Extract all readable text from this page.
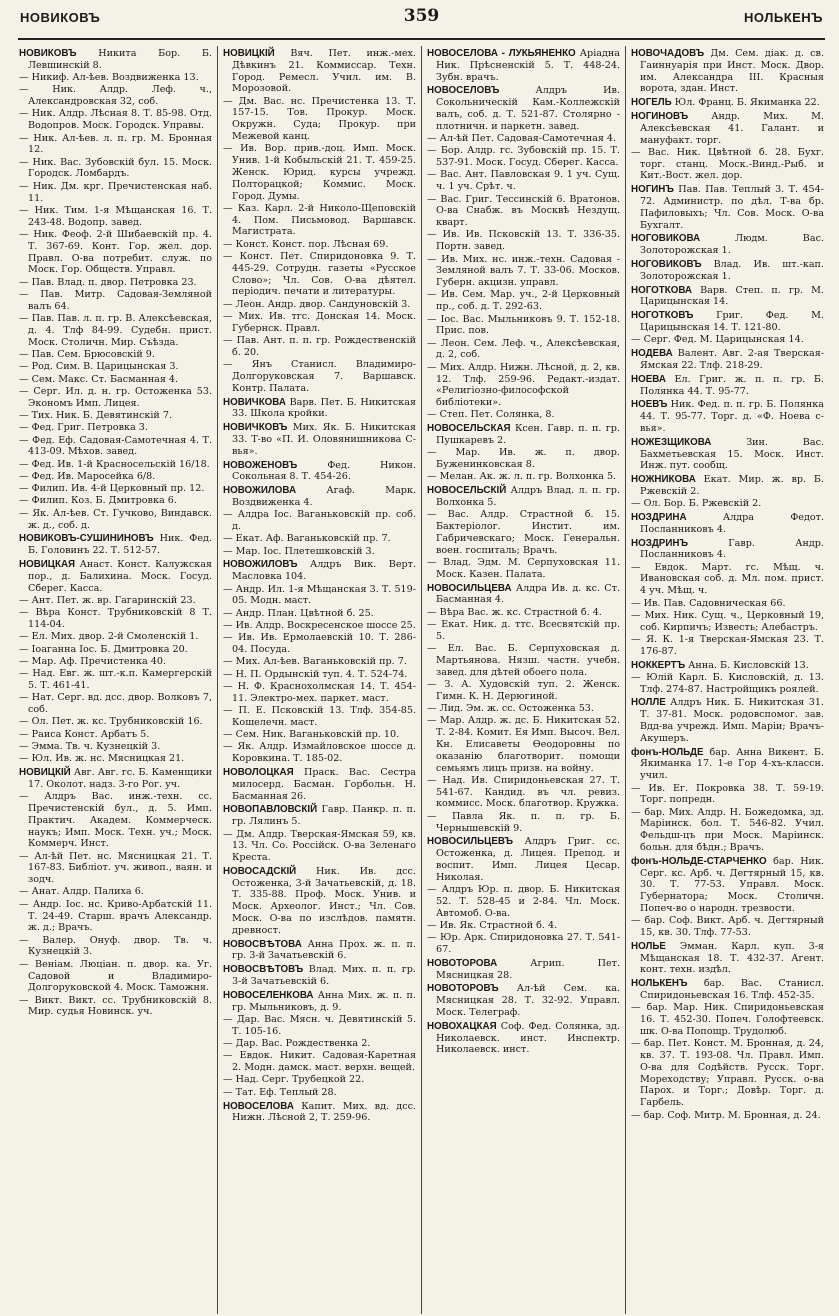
НОВИКОВЪ	359	НОЛЬКЕНЪ

НОВИКОВЪ Никита Бор. Б. Левшинскій 8.

— Никиф. Ал-ѣев. Воздвиженка 13.

— Ник. Алдр. Леф. ч., Александровская 32, соб.

— Ник. Алдр. Лѣсная 8. Т. 85-98. Отд. Водопров. Моск. Городск. Управы.

— Ник. Ал-ѣев. л. п. гр. М. Бронная 12.

— Ник. Вас. Зубовскій бул. 15. Моск. Городск. Ломбардъ.

— Ник. Дм. крг. Пречистенская наб. 11.

— Ник. Тим. 1-я Мѣщанская 16. Т. 243-48. Водопр. завед.

— Ник. Феоф. 2-й Шибаевскій пр. 4. Т. 367-69. Конт. Гор. жел. дор. Правл. О-ва потребит. служ. по Моск. Гор. Обществ. Управл.

— Пав. Влад. п. двор. Петровка 23.

— Пав. Митр. Садовая-Земляной валъ 64.

— Пав. Пав. л. п. гр. В. Алексѣевская, д. 4. Тлф 84-99. Судебн. прист. Моск. Столичн. Мир. Съѣзда.

— Пав. Сем. Брюсовскій 9.

— Род. Сим. В. Царицынская 3.

— Сем. Макс. Ст. Басманная 4.

— Серг. Ил. д. н. гр. Остоженка 53. Экономъ Имп. Лицея.

— Тих. Ник. Б. Девятинскій 7.

— Фед. Григ. Петровка 3.

— Фед. Еф. Садовая-Самотечная 4. Т. 413-09. Мѣхов. завед.

— Фед. Ив. 1-й Красносельскій 16/18.

— Фед. Ив. Маросейка 6/8.

— Филип. Ив. 4-й Церковный пр. 12.

— Филип. Коз. Б. Дмитровка 6.

— Як. Ал-ѣев. Ст. Гучково, Виндавск. ж. д., соб. д.

НОВИКОВЪ-СУШИНИНОВЪ Ник. Фед. Б. Головинъ 22. Т. 512-57.

НОВИЦКАЯ Анаст. Конст. Калужская пор., д. Балихина. Моск. Госуд. Сберег. Касса.

— Ант. Пет. ж. вр. Гагаринскій 23.

— Вѣра Конст. Трубниковскій 8 Т. 114-04.

— Ел. Мих. двор. 2-й Смоленскій 1.

— Іоаганна Іос. Б. Дмитровка 20.

— Мар. Аф. Пречистенка 40.

— Над. Евг. ж. шт.-к.п. Камергерскій 5. Т. 461-41.

— Нат. Серг. вд. дсс. двор. Волковъ 7, соб.

— Ол. Пет. ж. кс. Трубниковскій 16.

— Раиса Конст. Арбатъ 5.

— Эмма. Тв. ч. Кузнецкій 3.

— Юл. Ив. ж. нс. Мясницкая 21.

НОВИЦКІЙ Авг. Авг. гс. Б. Каменщики 17. Околот. надз. 3-го Рог. уч.

— Алдръ Вас. инж.-техн. сс. Пречистенскій бул., д. 5. Имп. Практич. Академ. Коммерческ. наукъ; Имп. Моск. Техн. уч.; Моск. Коммерч. Инст.

— Ал-ѣй Пет. нс. Мясницкая 21. Т. 167-83. Библіот. уч. живоп., ваян. и зодч.

— Анат. Алдр. Палиха 6.

— Андр. Іос. нс. Криво-Арбатскій 11. Т. 24-49. Старш. врачъ Александр. ж. д.; Врачъ.

— Валер. Онуф. двор. Тв. ч. Кузнецкій 3.

— Веніам. Люціан. п. двор. ка. Уг. Садовой и Владимиро-Долгоруковской 4. Моск. Таможня.

— Викт. Викт. сс. Трубниковскій 8. Мир. судья Новинск. уч.

НОВИЦКІЙ Вяч. Пет. инж.-мех. Дѣвкинъ 21. Коммиссар. Техн. Город. Ремесл. Учил. им. В. Морозовой.

— Дм. Вас. нс. Пречистенка 13. Т. 157-15. Тов. Прокур. Моск. Окружн. Суда; Прокур. при Межевой канц.

— Ив. Вор. прив.-доц. Имп. Моск. Унив. 1-й Кобыльскій 21. Т. 459-25. Женск. Юрид. курсы учрежд. Полторацкой; Коммис. Моск. Город. Думы.

— Каз. Карл. 2-й Николо-Щеповскій 4. Пом. Письмовод. Варшавск. Магистрата.

— Конст. Конст. пор. Лѣсная 69.

— Конст. Пет. Спиридоновка 9. Т. 445-29. Сотрудн. газеты «Русское Слово»; Чл. Сов. О-ва дѣятел. періодич. печати и литературы.

— Леон. Андр. двор. Сандуновскій 3.

— Мих. Ив. тгс. Донская 14. Моск. Губернск. Правл.

— Пав. Ант. п. п. гр. Рождественскій б. 20.

— Янъ Станисл. Владимиро-Долгоруковская 7. Варшавск. Контр. Палата.

НОВИЧКОВА Варв. Пет. Б. Никитская 33. Школа кройки.

НОВИЧКОВЪ Мих. Як. Б. Никитская 33. Т-во «П. И. Оловянишникова С-вья».

НОВОЖЕНОВЪ	Фед. Никон. Сокольная 8. Т. 454-26.

НОВОЖИЛОВА	Агаф. Марк. Воздвиженка 4.

— Алдра Іос. Ваганьковскій пр. соб. д.

— Екат. Аф. Ваганьковскій пр. 7.

— Мар. Іос. Плетешковскій 3.

НОВОЖИЛОВЪ Алдръ Вик. Верт. Масловка 104.

— Андр. Ил. 1-я Мѣщанская 3. Т. 519-05. Модн. маст.

— Андр. План. Цвѣтной б. 25.

— Ив. Алдр. Воскресенское шоссе 25.

— Ив. Ив. Ермолаевскій 10. Т. 286-04. Посуда.

— Мих. Ал-ѣев. Ваганьковскій пр. 7.

— Н. П. Ордынскій туп. 4. Т. 524-74.

— Н. Ф. Краснохолмская 14. Т. 454-11. Электро-мех. паркет. маст.

— П. Е. Псковскій 13. Тлф. 354-85. Кошелечн. маст.

— Сем. Ник. Ваганьковскій пр. 10.

— Як. Алдр. Измайловское шоссе д. Коровкина. Т. 185-02.

НОВОЛОЦКАЯ Праск. Вас. Сестра милосерд. Басман. Горбольн. Н. Басманная 26.

НОВОПАВЛОВСКІЙ Гавр. Панкр. п. п. гр. Лялинъ 5.

— Дм. Алдр. Тверская-Ямская 59, кв. 13. Чл. Со. Россійск. О-ва Зеленаго Креста.

НОВОСАДСКІЙ Ник. Ив. дсс. Остоженка, 3-й Зачатьевскій, д. 18. Т. 335-88. Проф. Моск. Унив. и Моск. Археолог. Инст.; Чл. Сов. Моск. О-ва по изслѣдов. памятн. древност.

НОВОСВѢТОВА Анна Прох. ж. п. п. гр. 3-й Зачатьевскій 6.

НОВОСВѢТОВЪ Влад. Мих. п. п. гр. 3-й Зачатьевскій 6.

НОВОСЕЛЕНКОВА Анна Мих. ж. п. п. гр. Мыльниковъ, д. 9.

— Дар. Вас. Мясн. ч. Девятинскій 5. Т. 105-16.

— Дар. Вас. Рождественка 2.

— Евдок. Никит. Садовая-Каретная 2. Модн. дамск. маст. верхн. вещей.

— Над. Серг. Трубецкой 22.

— Тат. Еф. Теплый 28.

НОВОСЕЛОВА Капит. Мих. вд. дсс. Нижн. Лѣсной 2, Т. 259-96.

НОВОСЕЛОВА - ЛУКЬЯНЕНКО Аріадна Ник. Прѣсненскій 5. Т. 448-24. Зубн. врачъ.

НОВОСЕЛОВЪ	Алдръ Ив. Сокольническій Кам.-Коллежскій валъ, соб. д. Т. 521-87. Столярно - плотничн. и паркетн. завед.

— Ал-ѣй Пет. Садовая-Самотечная 4.

— Бор. Алдр. гс. Зубовскій пр. 15. Т. 537-91. Моск. Госуд. Сберег. Касса.

— Вас. Ант. Павловская 9. 1 уч. Сущ. ч. 1 уч. Срѣт. ч.

— Вас. Григ. Тессинскій 6. Вратонов. О-ва Снабж. въ Москвѣ Нездущ. кварт.

— Ив. Ив. Псковскій 13. Т. 336-35. Портн. завед.

— Ив. Мих. нс. инж.-техн. Садовая - Земляной валъ 7. Т. 33-06. Москов. Губерн. акцизн. управл.

— Ив. Сем. Мар. уч., 2-й Церковный пр., соб. д. Т. 292-63.

— Іос. Вас. Мыльниковъ 9. Т. 152-18. Прис. пов.

— Леон. Сем. Леф. ч., Алексѣевская, д. 2, соб.

— Мих. Алдр. Нижн. Лѣсной, д. 2, кв. 12. Тлф. 259-96. Редакт.-издат. «Религіозно-философской библіотеки».

— Степ. Пет. Солянка, 8.

НОВОСЕЛЬСКАЯ Ксен. Гавр. п. п. гр. Пушкаревъ 2.

— Мар. Ив. ж. п. двор. Буженинковская 8.

— Мелан. Ак. ж. л. п. гр. Волхонка 5.

НОВОСЕЛЬСКІЙ Алдръ Влад. л. п. гр. Волхонка 5.

— Вас. Алдр. Страстной б. 15. Бактеріолог. Инстит. им. Габричевскаго; Моск. Генеральн. воен. госпиталь; Врачъ.

— Влад. Эдм. М. Серпуховская 11. Моск. Казен. Палата.

НОВОСИЛЬЦЕВА Алдра Ив. д. кс. Ст. Басманная 4.

— Вѣра Вас. ж. кс. Страстной б. 4.

— Екат. Ник. д. ттс. Всесвятскій пр. 5.

— Ел. Вас. Б. Серпуховская д. Мартьянова. Нязш. частн. учебн. завед. для дѣтей обоего пола.

— З. А. Худовскій туп. 2. Женск. Гимн. К. Н. Дерюгиной.

— Лид. Эм. ж. сс. Остоженка 53.

— Мар. Алдр. ж. дс. Б. Никитская 52. Т. 2-84. Комит. Ея Имп. Высоч. Вел. Кн. Елисаветы Ѳеодоровны по оказанію благотворит. помощи семьямъ лицъ призв. на войну.

— Над. Ив. Спиридоньевская 27. Т. 541-67. Кандид. въ чл. ревиз. коммисс. Моск. благотвор. Кружка.

— Павла Як. п. п. гр. Б. Чернышевскій 9.

НОВОСИЛЬЦЕВЪ Алдръ Григ. сс. Остоженка, д. Лицея. Препод. и воспит. Имп. Лицея Цесар. Николая.

— Алдръ Юр. п. двор. Б. Никитская 52. Т. 528-45 и 2-84. Чл. Моск. Автомоб. О-ва.

— Ив. Як. Страстной б. 4.

— Юр. Арк. Спиридоновка 27. Т. 541-67.

НОВОТОРОВА	Агрип. Пет. Мясницкая 28.

НОВОТОРОВЪ Ал-ѣй Сем. ка. Мясницкая 28. Т. 32-92. Управл. Моск. Телеграф.

НОВОХАЦКАЯ Соф. Фед. Солянка, зд. Николаевск. инст. Инспектр. Николаевск. инст.

НОВОЧАДОВЪ Дм. Сем. діак. д. св. Гаиннуарія при Инст. Моск. Двор. им. Александра III. Красныя ворота, здан. Инст.

НОГЕЛЬ Юл. Франц. Б. Якиманка 22.

НОГИНОВЪ Андр. Мих. М. Алексѣевская 41. Галант. и мануфакт. торг.

— Вас. Ник. Цвѣтной б. 28. Бухг. торг. станц. Моск.-Винд.-Рыб. и Кит.-Вост. жел. дор.

НОГИНЪ Пав. Пав. Теплый 3. Т. 454-72. Администр. по дѣл. Т-ва бр. Пафиловыхъ; Чл. Сов. Моск. О-ва Бухгалт.

НОГОВИКОВА	Людм. Вас. Золоторожская 1.

НОГОВИКОВЪ Влад. Ив. шт.-кап. Золоторожская 1.

НОГОТКОВА Варв. Степ. п. гр. М. Царицынская 14.

НОГОТКОВЪ Григ. Фед. М. Царицынская 14. Т. 121-80.

— Серг. Фед. М. Царицынская 14.

НОДЕВА Валент. Авг. 2-ая Тверская-Ямская 22. Тлф. 218-29.

НОЕВА Ел. Григ. ж. п. п. гр. Б. Полянка 44. Т. 95-77.

НОЕВЪ Ник. Фед. п. п. гр. Б. Полянка 44. Т. 95-77. Торг. д. «Ф. Ноева с-вья».

НОЖЕЗЩИКОВА	Зин. Вас. Бахметьевская 15. Моск. Инст. Инж. пут. сообщ.

НОЖНИКОВА Екат. Мир. ж. вр. Б. Ржевскій 2.

— Ол. Бор. Б. Ржевскій 2.

НОЗДРИНА	Алдра Федот. Посланниковъ 4.

НОЗДРИНЪ	Гавр. Андр. Посланниковъ 4.

— Евдок. Март. гс. Мѣщ. ч. Ивановская соб. д. Мл. пом. прист. 4 уч. Мѣщ. ч.

— Ив. Пав. Садовническая 66.

— Мих. Ник. Сущ. ч., Церковный 19, соб. Кирпичъ; Известь; Алебастръ.

— Я. К. 1-я Тверская-Ямская 23. Т. 176-87.

НОККЕРТЪ Анна. Б. Кисловскій 13.

— Юлій Карл. Б. Кисловскій, д. 13. Тлф. 274-87. Настройщикъ роялей.

НОЛЛЕ Алдръ Ник. Б. Никитская 31. Т. 37-81. Моск. родовспомог. зав. Вдд-ва учрежд. Имп. Маріи; Врачъ-Акушеръ.

фонъ-НОЛЬДЕ бар. Анна Викент. Б. Якиманка 17. 1-е Гор 4-хъ-классн. учил.

— Ив. Ег. Покровка 38. Т. 59-19. Торг. попредн.

— бар. Мих. Алдр. Н. Божедомка, зд. Маріинск. бол. Т. 546-82. Учил. Фельдш-цъ при Моск. Маріинск. больн. для бѣдн.; Врачъ.

фонъ-НОЛЬДЕ-СТАРЧЕНКО бар. Ник. Серг. кс. Арб. ч. Дегтярный 15, кв. 30. Т. 77-53. Управл. Моск. Губернатора; Моск. Столичн. Попеч-во о народн. трезвости.

— бар. Соф. Викт. Арб. ч. Дегтярный 15, кв. 30. Тлф. 77-53.

НОЛЬЕ Эмман. Карл. куп. 3-я Мѣщанская 18. Т. 432-37. Агент. конт. техн. издѣл.

НОЛЬКЕНЪ бар. Вас. Станисл. Спиридоньевская 16. Тлф. 452-35.

— бар. Мар. Ник. Спиридоньевская 16. Т. 452-30. Попеч. Голофтеевск. шк. О-ва Попощр. Трудолюб.

— бар. Пет. Конст. М. Бронная, д. 24, кв. 37. Т. 193-08. Чл. Правл. Имп. О-ва для Содѣйств. Русск. Торг. Мореходству; Управл. Русск. о-ва Парох. и Торг.; Довѣр. Торг. д. Гарбель.

— бар. Соф. Митр. М. Бронная, д. 24.
